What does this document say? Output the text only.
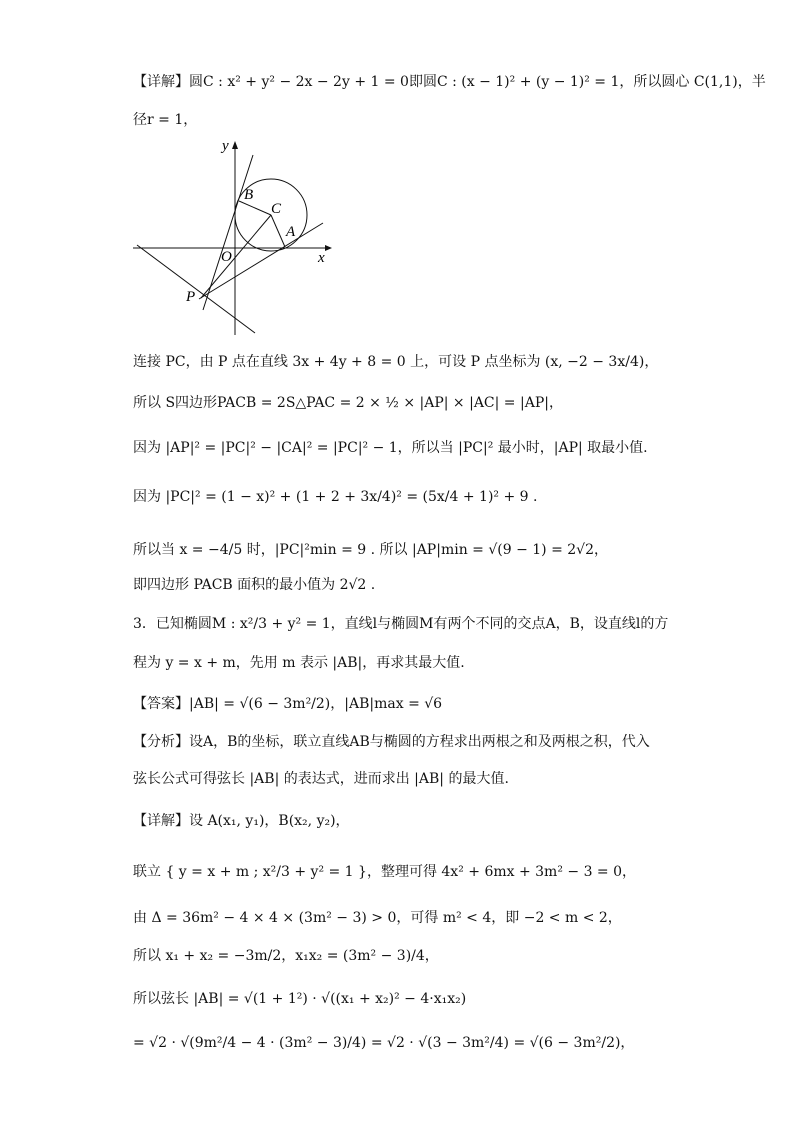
【详解】圆C : x² + y² − 2x − 2y + 1 = 0即圆C : (x − 1)² + (y − 1)² = 1，所以圆心 C(1,1)，半
径r = 1，
y
x
B
C
A
O
P
连接 PC，由 P 点在直线 3x + 4y + 8 = 0 上，可设 P 点坐标为 (x, −2 − 3x/4)，
所以 S四边形PACB = 2S△PAC = 2 × ½ × |AP| × |AC| = |AP|，
因为 |AP|² = |PC|² − |CA|² = |PC|² − 1，所以当 |PC|² 最小时，|AP| 取最小值.
因为 |PC|² = (1 − x)² + (1 + 2 + 3x/4)² = (5x/4 + 1)² + 9 .
所以当 x = −4/5 时，|PC|²min = 9 . 所以 |AP|min = √(9 − 1) = 2√2，
即四边形 PACB 面积的最小值为 2√2 .
3．已知椭圆M : x²/3 + y² = 1，直线l与椭圆M有两个不同的交点A，B，设直线l的方
程为 y = x + m，先用 m 表示 |AB|，再求其最大值.
【答案】|AB| = √(6 − 3m²/2)，|AB|max = √6
【分析】设A，B的坐标，联立直线AB与椭圆的方程求出两根之和及两根之积，代入
弦长公式可得弦长 |AB| 的表达式，进而求出 |AB| 的最大值.
【详解】设 A(x₁, y₁)，B(x₂, y₂)，
联立 { y = x + m ; x²/3 + y² = 1 }，整理可得 4x² + 6mx + 3m² − 3 = 0，
由 Δ = 36m² − 4 × 4 × (3m² − 3) > 0，可得 m² < 4，即 −2 < m < 2，
所以 x₁ + x₂ = −3m/2，x₁x₂ = (3m² − 3)/4，
所以弦长 |AB| = √(1 + 1²) · √((x₁ + x₂)² − 4·x₁x₂)
= √2 · √(9m²/4 − 4 · (3m² − 3)/4) = √2 · √(3 − 3m²/4) = √(6 − 3m²/2)，
